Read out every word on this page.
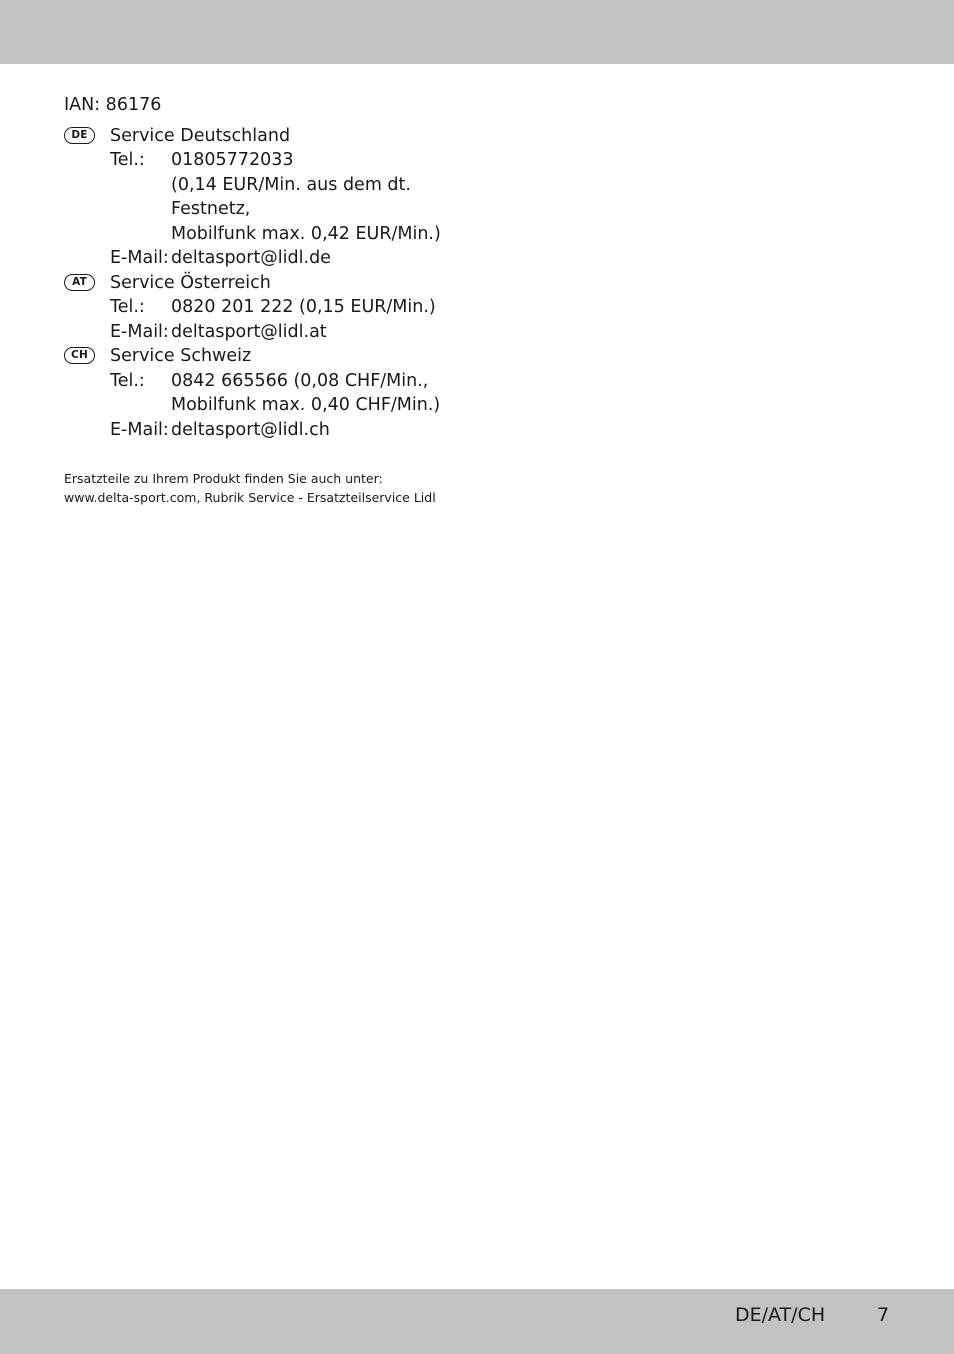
IAN: 86176
DE	Service Deutschland
Tel.: 01805772033
(0,14 EUR/Min. aus dem dt.
Festnetz,
Mobilfunk max. 0,42 EUR/Min.)
E-Mail: deltasport@lidl.de
AT	Service Österreich
Tel.: 0820 201 222 (0,15 EUR/Min.)
E-Mail: deltasport@lidl.at
CH	Service Schweiz
Tel.: 0842 665566 (0,08 CHF/Min.,
Mobilfunk max. 0,40 CHF/Min.)
E-Mail: deltasport@lidl.ch
Ersatzteile zu Ihrem Produkt finden Sie auch unter:
www.delta-sport.com, Rubrik Service - Ersatzteilservice Lidl
DE/AT/CH	7
